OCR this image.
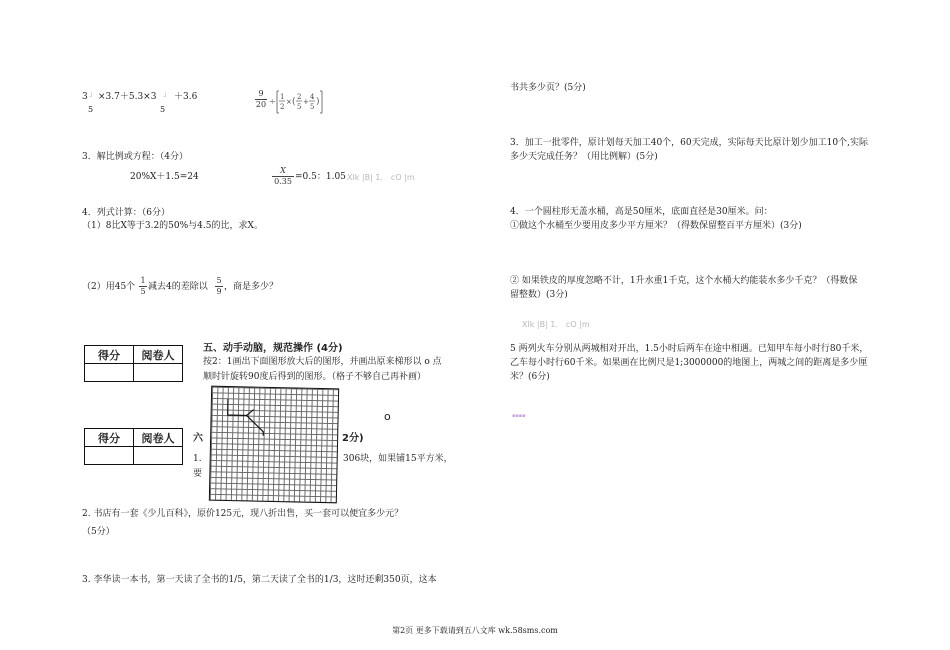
3 」 ×3.7＋5.3×3 」 ＋3.6
5	5
9
20 ÷ 1
2
× ( 2
5
+
4
5 )
3．解比例或方程：（4分）
20%X＋1.5=24
X
0.35 =0.5：1.05 Xlk |B| 1． cO |m
4．列式计算：（6分）
（1）8比X等于3.2的50%与4.5的比，求X。
（2）用45个
1
5 减去4的差除以
5
9 ，商是多少？
得分	阅卷人
		五、动手动脑，规范操作 (4分)
按2：1画出下面图形放大后的图形，并画出原来梯形以 o 点
顺时针旋转90度后得到的图形。（格子不够自己再补画）
o
得分	阅卷人
	六	2分)
1.	306块，如果铺15平方米，
要
2. 书店有一套《少儿百科》，原价125元，现八折出售，买一套可以便宜多少元？
（5分）
3. 李华读一本书，第一天读了全书的1/5，第二天读了全书的1/3，这时还剩350页，这本
书共多少页？(5分)
3．加工一批零件，原计划每天加工40个，60天完成，实际每天比原计划少加工10个,实际
多少天完成任务？（用比例解）(5分)
4．一个圆柱形无盖水桶，高是50厘米，底面直径是30厘米。问：
①做这个水桶至少要用皮多少平方厘米？（得数保留整百平方厘米）(3分)
② 如果铁皮的厚度忽略不计，1升水重1千克，这个水桶大约能装水多少千克？（得数保
留整数）(3分)
Xlk |B| 1． cO |m
5 两列火车分别从两城相对开出，1.5小时后两车在途中相遇。已知甲车每小时行80千米，
乙车每小时行60千米。如果画在比例尺是1;3000000的地图上，两城之间的距离是多少厘
米？(6分)
▪▪▪▪
第2页 更多下载请到五八文库 wk.58sms.com
